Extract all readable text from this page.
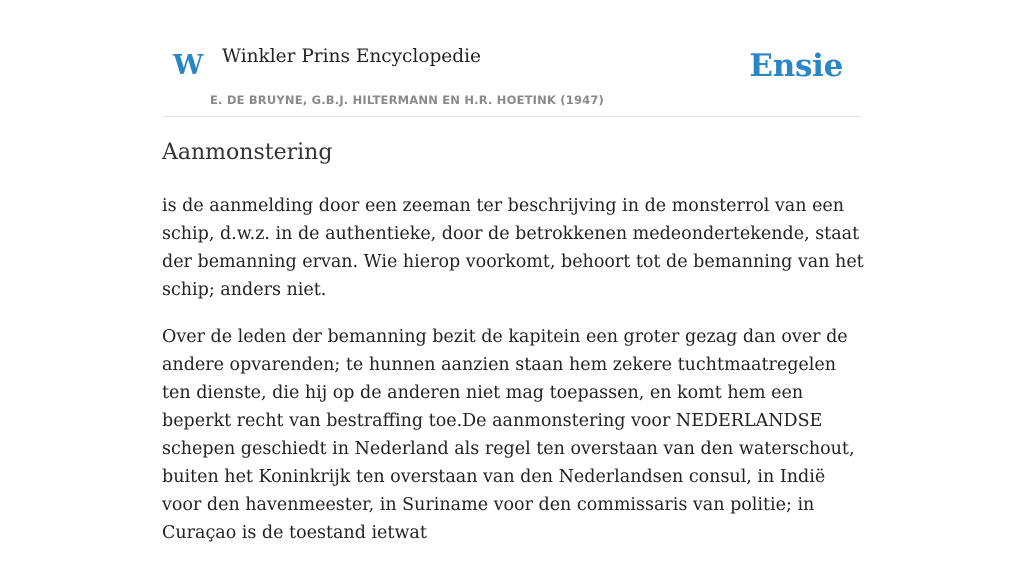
W Winkler Prins Encyclopedie
E. DE BRUYNE, G.B.J. HILTERMANN EN H.R. HOETINK (1947)
Ensie
Aanmonstering

is de aanmelding door een zeeman ter beschrijving in de monsterrol van een schip, d.w.z. in de authentieke, door de betrokkenen medeondertekende, staat der bemanning ervan. Wie hierop voorkomt, behoort tot de bemanning van het schip; anders niet.

Over de leden der bemanning bezit de kapitein een groter gezag dan over de andere opvarenden; te hunnen aanzien staan hem zekere tuchtmaatregelen ten dienste, die hij op de anderen niet mag toepassen, en komt hem een beperkt recht van bestraffing toe.De aanmonstering voor NEDERLANDSE schepen geschiedt in Nederland als regel ten overstaan van den waterschout, buiten het Koninkrijk ten overstaan van den Nederlandsen consul, in Indië voor den havenmeester, in Suriname voor den commissaris van politie; in Curaçao is de toestand ietwat
